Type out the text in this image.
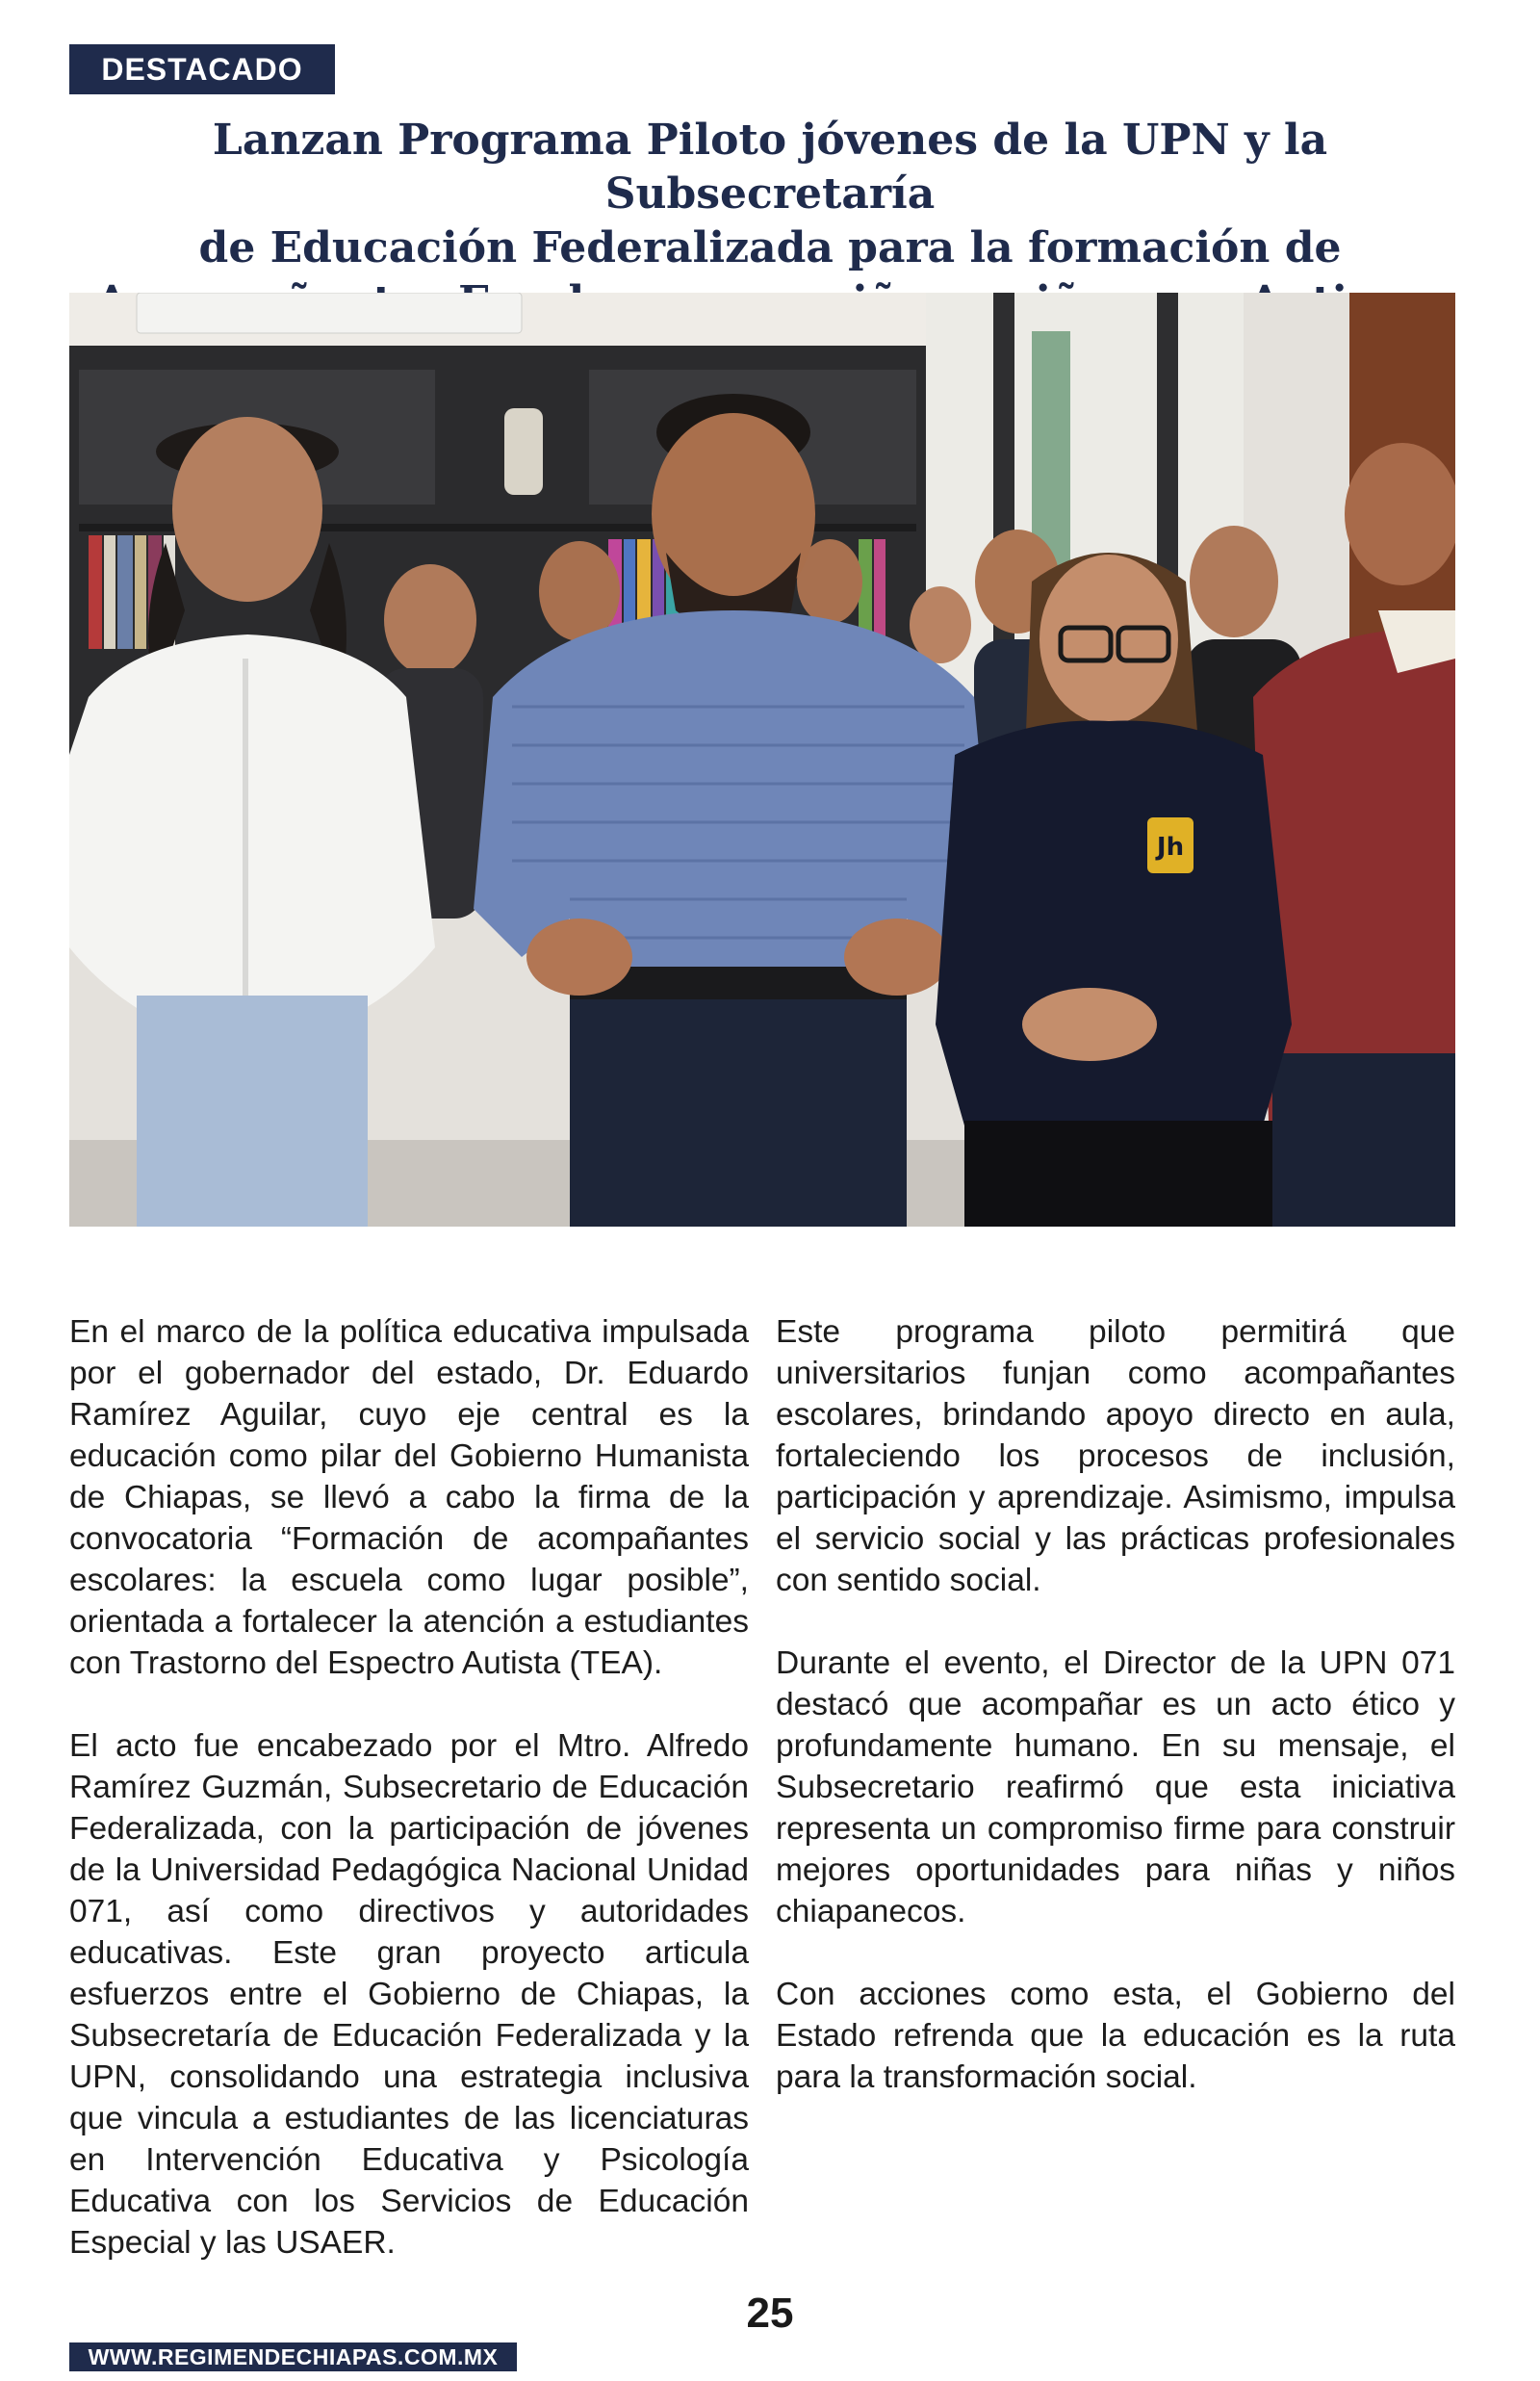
DESTACADO
Lanzan Programa Piloto jóvenes de la UPN y la Subsecretaría
de Educación Federalizada para la formación de
Jh

En el marco de la política educativa impulsada por el gobernador del estado, Dr. Eduardo Ramírez Aguilar, cuyo eje central es la educación como pilar del Gobierno Humanista de Chiapas, se llevó a cabo la firma de la convocatoria “Formación de acompañantes escolares: la escuela como lugar posible”, orientada a fortalecer la atención a estudiantes con Trastorno del Espectro Autista (TEA).

El acto fue encabezado por el Mtro. Alfredo Ramírez Guzmán, Subsecretario de Educación Federalizada, con la participación de jóvenes de la Universidad Pedagógica Nacional Unidad 071, así como directivos y autoridades educativas. Este gran proyecto articula esfuerzos entre el Gobierno de Chiapas, la Subsecretaría de Educación Federalizada y la UPN, consolidando una estrategia inclusiva que vincula a estudiantes de las licenciaturas en Intervención Educativa y Psicología Educativa con los Servicios de Educación Especial y las USAER.

Este programa piloto permitirá que universitarios funjan como acompañantes escolares, brindando apoyo directo en aula, fortaleciendo los procesos de inclusión, participación y aprendizaje. Asimismo, impulsa el servicio social y las prácticas profesionales con sentido social.

Durante el evento, el Director de la UPN 071 destacó que acompañar es un acto ético y profundamente humano. En su mensaje, el Subsecretario reafirmó que esta iniciativa representa un compromiso firme para construir mejores oportunidades para niñas y niños chiapanecos.

Con acciones como esta, el Gobierno del Estado refrenda que la educación es la ruta para la transformación social.

25
WWW.REGIMENDECHIAPAS.COM.MX
